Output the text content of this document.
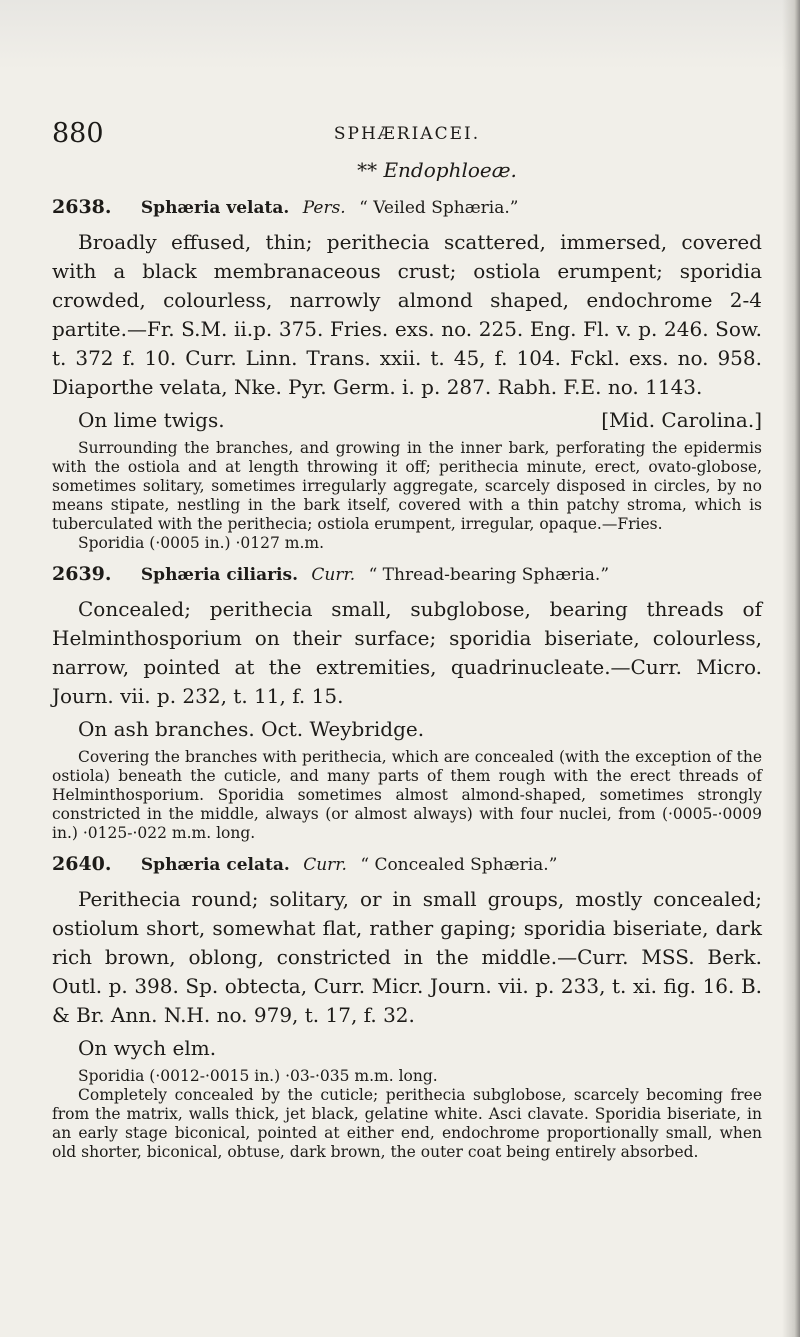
880	SPHÆRIACEI.
** Endophloeæ.
2638. Sphæria velata. Pers. “ Veiled Sphæria.”

Broadly effused, thin; perithecia scattered, immersed, covered with a black membranaceous crust; ostiola erumpent; sporidia crowded, colourless, narrowly almond shaped, endochrome 2-4 partite.—Fr. S.M. ii.p. 375. Fries. exs. no. 225. Eng. Fl. v. p. 246. Sow. t. 372 f. 10. Curr. Linn. Trans. xxii. t. 45, f. 104. Fckl. exs. no. 958. Diaporthe velata, Nke. Pyr. Germ. i. p. 287. Rabh. F.E. no. 1143.

On lime twigs.	[Mid. Carolina.]

Surrounding the branches, and growing in the inner bark, perforating the epidermis with the ostiola and at length throwing it off; perithecia minute, erect, ovato-globose, sometimes solitary, sometimes irregularly aggregate, scarcely disposed in circles, by no means stipate, nestling in the bark itself, covered with a thin patchy stroma, which is tuberculated with the perithecia; ostiola erumpent, irregular, opaque.—Fries.

Sporidia (·0005 in.) ·0127 m.m.

2639. Sphæria ciliaris. Curr. “ Thread-bearing Sphæria.”

Concealed; perithecia small, subglobose, bearing threads of Helminthosporium on their surface; sporidia biseriate, colourless, narrow, pointed at the extremities, quadrinucleate.—Curr. Micro. Journ. vii. p. 232, t. 11, f. 15.

On ash branches. Oct. Weybridge.

Covering the branches with perithecia, which are concealed (with the exception of the ostiola) beneath the cuticle, and many parts of them rough with the erect threads of Helminthosporium. Sporidia sometimes almost almond-shaped, sometimes strongly constricted in the middle, always (or almost always) with four nuclei, from (·0005-·0009 in.) ·0125-·022 m.m. long.

2640. Sphæria celata. Curr. “ Concealed Sphæria.”

Perithecia round; solitary, or in small groups, mostly concealed; ostiolum short, somewhat flat, rather gaping; sporidia biseriate, dark rich brown, oblong, constricted in the middle.—Curr. MSS. Berk. Outl. p. 398. Sp. obtecta, Curr. Micr. Journ. vii. p. 233, t. xi. fig. 16. B. & Br. Ann. N.H. no. 979, t. 17, f. 32.

On wych elm.

Sporidia (·0012-·0015 in.) ·03-·035 m.m. long.

Completely concealed by the cuticle; perithecia subglobose, scarcely becoming free from the matrix, walls thick, jet black, gelatine white. Asci clavate. Sporidia biseriate, in an early stage biconical, pointed at either end, endochrome proportionally small, when old shorter, biconical, obtuse, dark brown, the outer coat being entirely absorbed.
